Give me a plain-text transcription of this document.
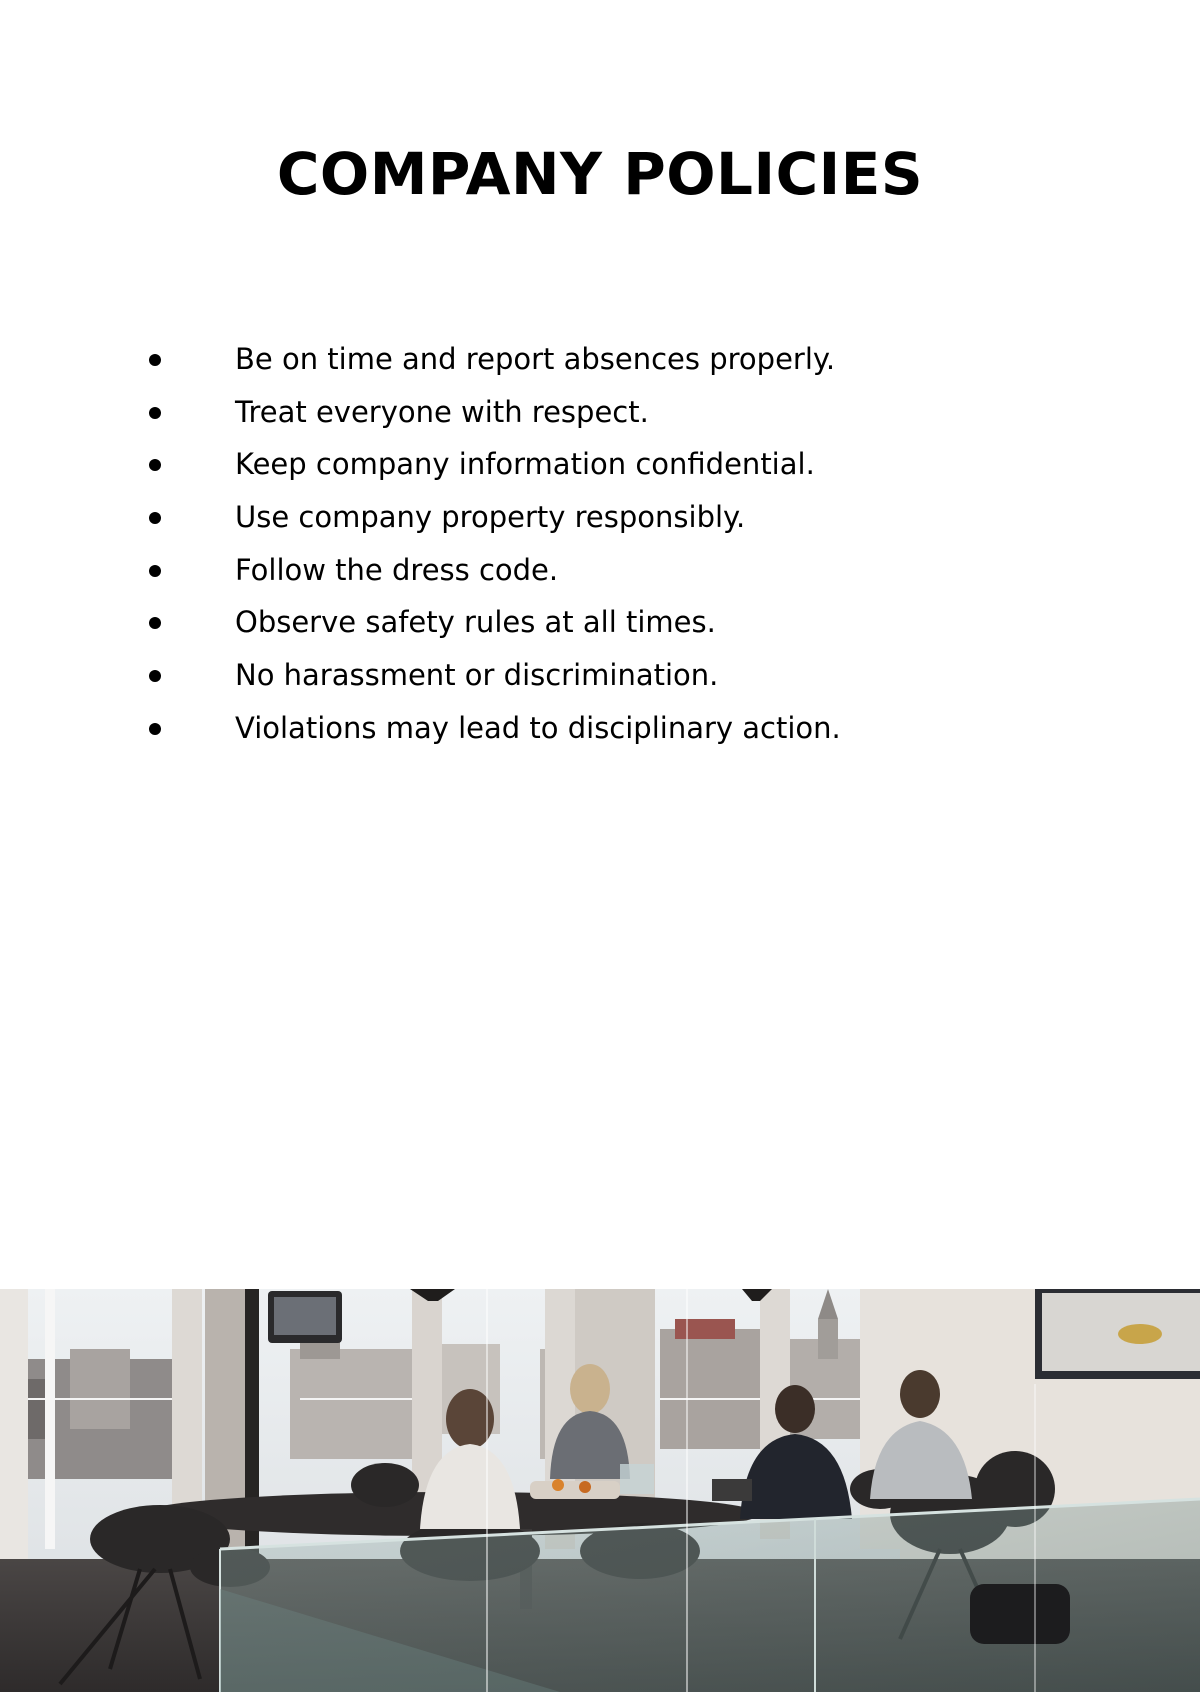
COMPANY POLICIES
Be on time and report absences properly.
Treat everyone with respect.
Keep company information confidential.
Use company property responsibly.
Follow the dress code.
Observe safety rules at all times.
No harassment or discrimination.
Violations may lead to disciplinary action.
